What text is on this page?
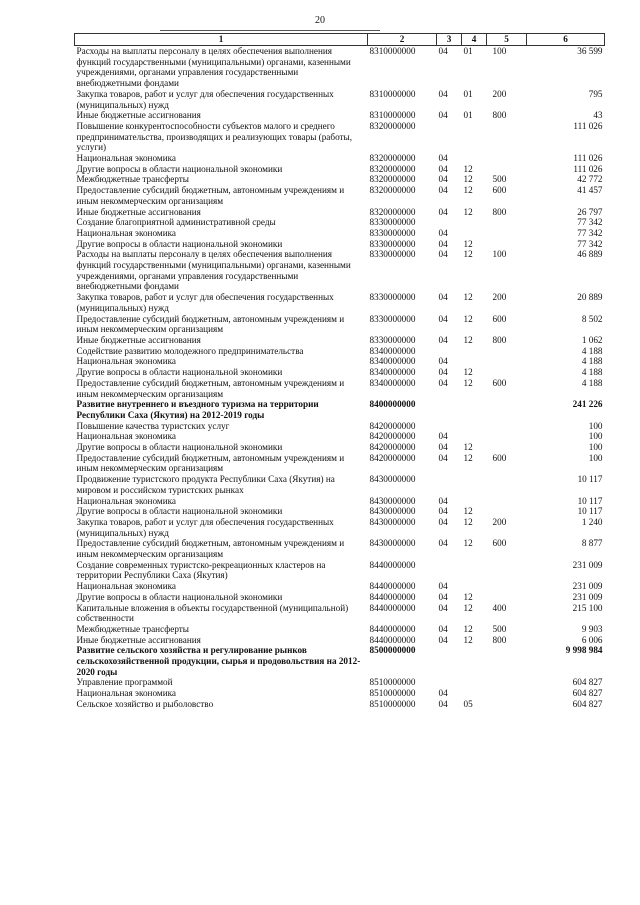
20
1	2	3	4	5	6
Расходы на выплаты персоналу в целях обеспечения выполнения функций государственными (муниципальными) органами, казенными учреждениями, органами управления государственными внебюджетными фондами	8310000000	04	01	100	36 599
Закупка товаров, работ и услуг для обеспечения государственных (муниципальных) нужд	8310000000	04	01	200	795
Иные бюджетные ассигнования	8310000000	04	01	800	43
Повышение конкурентоспособности субъектов малого и среднего предпринимательства, производящих и реализующих товары (работы, услуги)	8320000000				111 026
Национальная экономика	8320000000	04			111 026
Другие вопросы в области национальной экономики	8320000000	04	12		111 026
Межбюджетные трансферты	8320000000	04	12	500	42 772
Предоставление субсидий бюджетным, автономным учреждениям и иным некоммерческим организациям	8320000000	04	12	600	41 457
Иные бюджетные ассигнования	8320000000	04	12	800	26 797
Создание благоприятной административной среды	8330000000				77 342
Национальная экономика	8330000000	04			77 342
Другие вопросы в области национальной экономики	8330000000	04	12		77 342
Расходы на выплаты персоналу в целях обеспечения выполнения функций государственными (муниципальными) органами, казенными учреждениями, органами управления государственными внебюджетными фондами	8330000000	04	12	100	46 889
Закупка товаров, работ и услуг для обеспечения государственных (муниципальных) нужд	8330000000	04	12	200	20 889
Предоставление субсидий бюджетным, автономным учреждениям и иным некоммерческим организациям	8330000000	04	12	600	8 502
Иные бюджетные ассигнования	8330000000	04	12	800	1 062
Содействие развитию молодежного предпринимательства	8340000000				4 188
Национальная экономика	8340000000	04			4 188
Другие вопросы в области национальной экономики	8340000000	04	12		4 188
Предоставление субсидий бюджетным, автономным учреждениям и иным некоммерческим организациям	8340000000	04	12	600	4 188
Развитие внутреннего и въездного туризма на территории Республики Саха (Якутия) на 2012-2019 годы	8400000000				241 226
Повышение качества туристских услуг	8420000000				100
Национальная экономика	8420000000	04			100
Другие вопросы в области национальной экономики	8420000000	04	12		100
Предоставление субсидий бюджетным, автономным учреждениям и иным некоммерческим организациям	8420000000	04	12	600	100
Продвижение туристского продукта Республики Саха (Якутия) на мировом и российском туристских рынках	8430000000				10 117
Национальная экономика	8430000000	04			10 117
Другие вопросы в области национальной экономики	8430000000	04	12		10 117
Закупка товаров, работ и услуг для обеспечения государственных (муниципальных) нужд	8430000000	04	12	200	1 240
Предоставление субсидий бюджетным, автономным учреждениям и иным некоммерческим организациям	8430000000	04	12	600	8 877
Создание современных туристско-рекреационных кластеров на территории Республики Саха (Якутия)	8440000000				231 009
Национальная экономика	8440000000	04			231 009
Другие вопросы в области национальной экономики	8440000000	04	12		231 009
Капитальные вложения в объекты государственной (муниципальной) собственности	8440000000	04	12	400	215 100
Межбюджетные трансферты	8440000000	04	12	500	9 903
Иные бюджетные ассигнования	8440000000	04	12	800	6 006
Развитие сельского хозяйства и регулирование рынков сельскохозяйственной продукции, сырья и продовольствия на 2012-2020 годы	8500000000				9 998 984
Управление программой	8510000000				604 827
Национальная экономика	8510000000	04			604 827
Сельское хозяйство и рыболовство	8510000000	04	05		604 827
